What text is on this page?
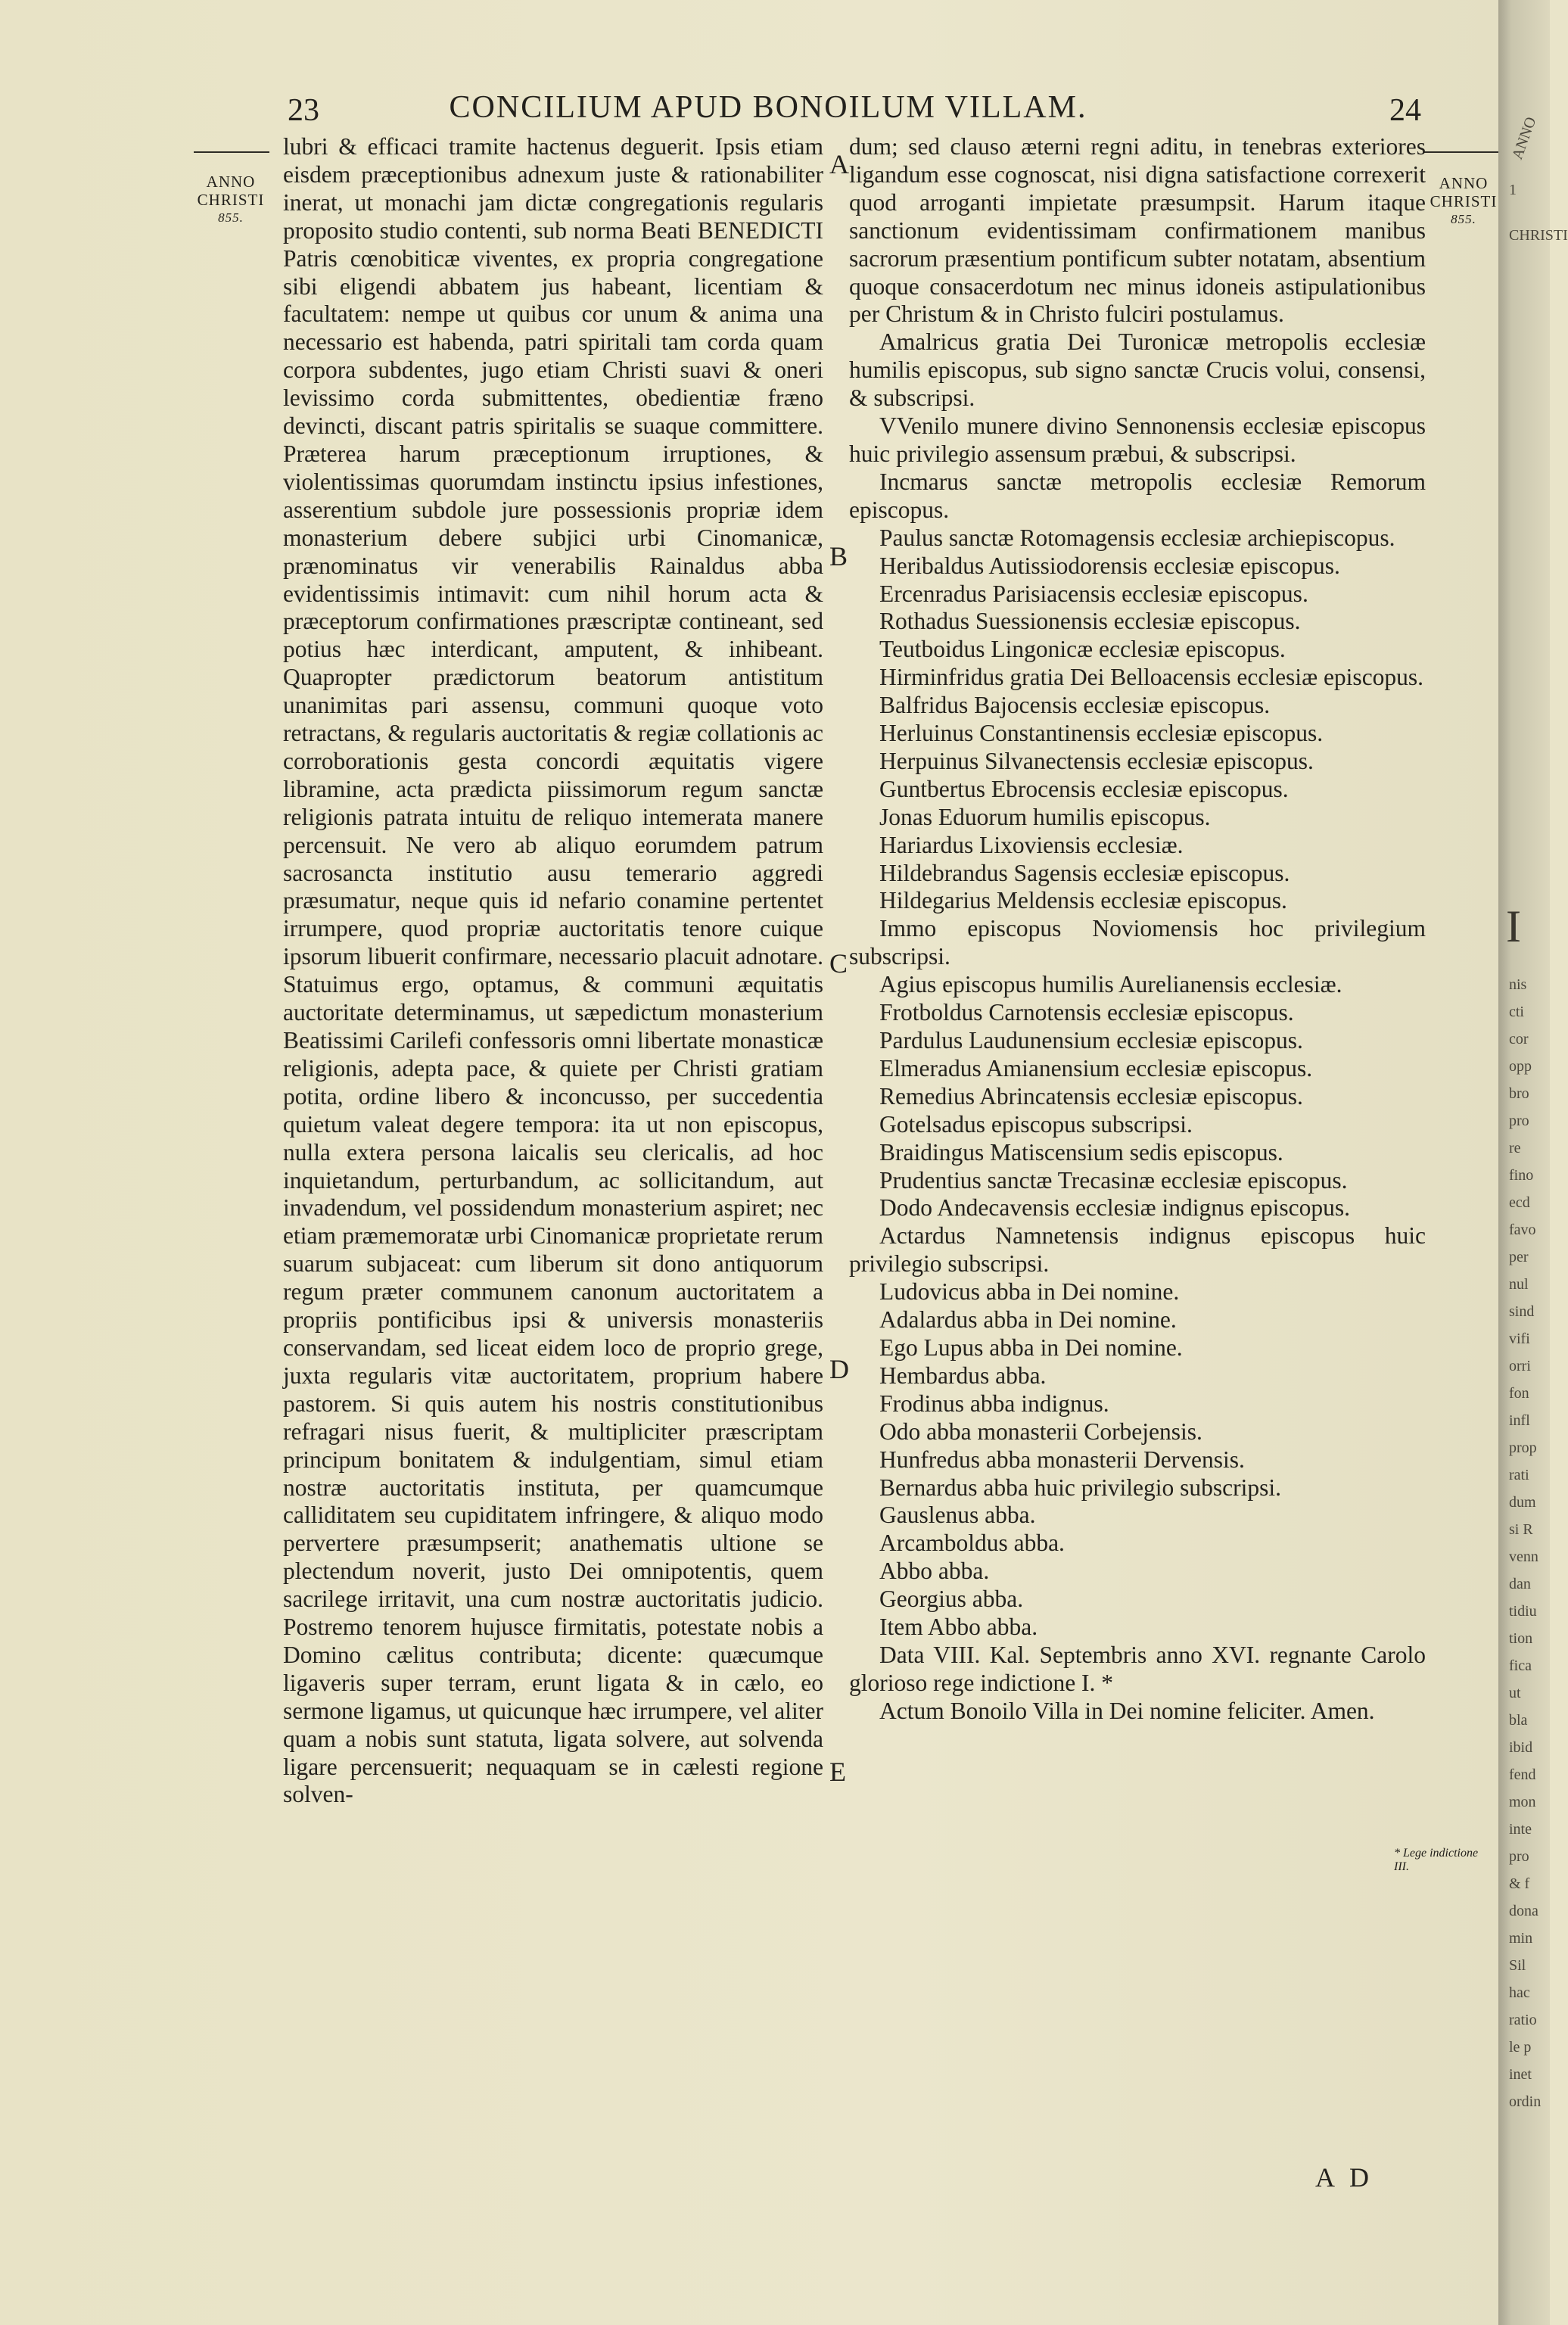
23	CONCILIUM APUD BONOILUM VILLAM.	24
ANNO CHRISTI
855.
ANNO CHRISTI
855.
A
B
C
D
E

lubri & efficaci tramite hactenus deguerit. Ipsis etiam eisdem præceptionibus adnexum juste & rationabiliter inerat, ut monachi jam dictæ congregationis regularis proposito studio contenti, sub norma Beati BENEDICTI Patris cœnobiticæ viventes, ex propria congregatione sibi eligendi abbatem jus habeant, licentiam & facultatem: nempe ut quibus cor unum & anima una necessario est habenda, patri spiritali tam corda quam corpora subdentes, jugo etiam Christi suavi & oneri levissimo corda submittentes, obedientiæ fræno devincti, discant patris spiritalis se suaque committere. Præterea harum præceptionum irruptiones, & violentissimas quorumdam instinctu ipsius infestiones, asserentium subdole jure possessionis propriæ idem monasterium debere subjici urbi Cinomanicæ, prænominatus vir venerabilis Rainaldus abba evidentissimis intimavit: cum nihil horum acta & præceptorum confirmationes præscriptæ contineant, sed potius hæc interdicant, amputent, & inhibeant. Quapropter prædictorum beatorum antistitum unanimitas pari assensu, communi quoque voto retractans, & regularis auctoritatis & regiæ collationis ac corroborationis gesta concordi æquitatis vigere libramine, acta prædicta piissimorum regum sanctæ religionis patrata intuitu de reliquo intemerata manere percensuit. Ne vero ab aliquo eorumdem patrum sacrosancta institutio ausu temerario aggredi præsumatur, neque quis id nefario conamine pertentet irrumpere, quod propriæ auctoritatis tenore cuique ipsorum libuerit confirmare, necessario placuit adnotare. Statuimus ergo, optamus, & communi æquitatis auctoritate determinamus, ut sæpedictum monasterium Beatissimi Carilefi confessoris omni libertate monasticæ religionis, adepta pace, & quiete per Christi gratiam potita, ordine libero & inconcusso, per succedentia quietum valeat degere tempora: ita ut non episcopus, nulla extera persona laicalis seu clericalis, ad hoc inquietandum, perturbandum, ac sollicitandum, aut invadendum, vel possidendum monasterium aspiret; nec etiam præmemoratæ urbi Cinomanicæ proprietate rerum suarum subjaceat: cum liberum sit dono antiquorum regum præter communem canonum auctoritatem a propriis pontificibus ipsi & universis monasteriis conservandam, sed liceat eidem loco de proprio grege, juxta regularis vitæ auctoritatem, proprium habere pastorem. Si quis autem his nostris constitutionibus refragari nisus fuerit, & multipliciter præscriptam principum bonitatem & indulgentiam, simul etiam nostræ auctoritatis instituta, per quamcumque calliditatem seu cupiditatem infringere, & aliquo modo pervertere præsumpserit; anathematis ultione se plectendum noverit, justo Dei omnipotentis, quem sacrilege irritavit, una cum nostræ auctoritatis judicio. Postremo tenorem hujusce firmitatis, potestate nobis a Domino cælitus contributa; dicente: quæcumque ligaveris super terram, erunt ligata & in cælo, eo sermone ligamus, ut quicunque hæc irrumpere, vel aliter quam a nobis sunt statuta, ligata solvere, aut solvenda ligare percensuerit; nequaquam se in cælesti regione solven-

dum; sed clauso æterni regni aditu, in tenebras exteriores ligandum esse cognoscat, nisi digna satisfactione correxerit quod arroganti impietate præsumpsit. Harum itaque sanctionum evidentissimam confirmationem manibus sacrorum præsentium pontificum subter notatam, absentium quoque consacerdotum nec minus idoneis astipulationibus per Christum & in Christo fulciri postulamus.

Amalricus gratia Dei Turonicæ metropolis ecclesiæ humilis episcopus, sub signo sanctæ Crucis volui, consensi, & subscripsi.

VVenilo munere divino Sennonensis ecclesiæ episcopus huic privilegio assensum præbui, & subscripsi.

Incmarus sanctæ metropolis ecclesiæ Remorum episcopus.

Paulus sanctæ Rotomagensis ecclesiæ archiepiscopus.

Heribaldus Autissiodorensis ecclesiæ episcopus.

Ercenradus Parisiacensis ecclesiæ episcopus.

Rothadus Suessionensis ecclesiæ episcopus.

Teutboidus Lingonicæ ecclesiæ episcopus.

Hirminfridus gratia Dei Belloacensis ecclesiæ episcopus.

Balfridus Bajocensis ecclesiæ episcopus.

Herluinus Constantinensis ecclesiæ episcopus.

Herpuinus Silvanectensis ecclesiæ episcopus.

Guntbertus Ebrocensis ecclesiæ episcopus.

Jonas Eduorum humilis episcopus.

Hariardus Lixoviensis ecclesiæ.

Hildebrandus Sagensis ecclesiæ episcopus.

Hildegarius Meldensis ecclesiæ episcopus.

Immo episcopus Noviomensis hoc privilegium subscripsi.

Agius episcopus humilis Aurelianensis ecclesiæ.

Frotboldus Carnotensis ecclesiæ episcopus.

Pardulus Laudunensium ecclesiæ episcopus.

Elmeradus Amianensium ecclesiæ episcopus.

Remedius Abrincatensis ecclesiæ episcopus.

Gotelsadus episcopus subscripsi.

Braidingus Matiscensium sedis episcopus.

Prudentius sanctæ Trecasinæ ecclesiæ episcopus.

Dodo Andecavensis ecclesiæ indignus episcopus.

Actardus Namnetensis indignus episcopus huic privilegio subscripsi.

Ludovicus abba in Dei nomine.

Adalardus abba in Dei nomine.

Ego Lupus abba in Dei nomine.

Hembardus abba.

Frodinus abba indignus.

Odo abba monasterii Corbejensis.

Hunfredus abba monasterii Dervensis.

Bernardus abba huic privilegio subscripsi.

Gauslenus abba.

Arcamboldus abba.

Abbo abba.

Georgius abba.

Item Abbo abba.

Data VIII. Kal. Septembris anno XVI. regnante Carolo glorioso rege indictione I. *

Actum Bonoilo Villa in Dei nomine feliciter. Amen.

* Lege indictione III.
A D
ANNO
1
I
nis
cti
cor
opp
bro
pro
re
fino
ecd
favo
per
nul
sind
vifi
orri
fon
infl
prop
rati
dum
si R
venn
dan
tidiu
tion
fica
ut
bla
ibid
fend
mon
inte
pro
& f
dona
min
Sil
hac
ratio
le p
inet
ordin
CHRISTI
